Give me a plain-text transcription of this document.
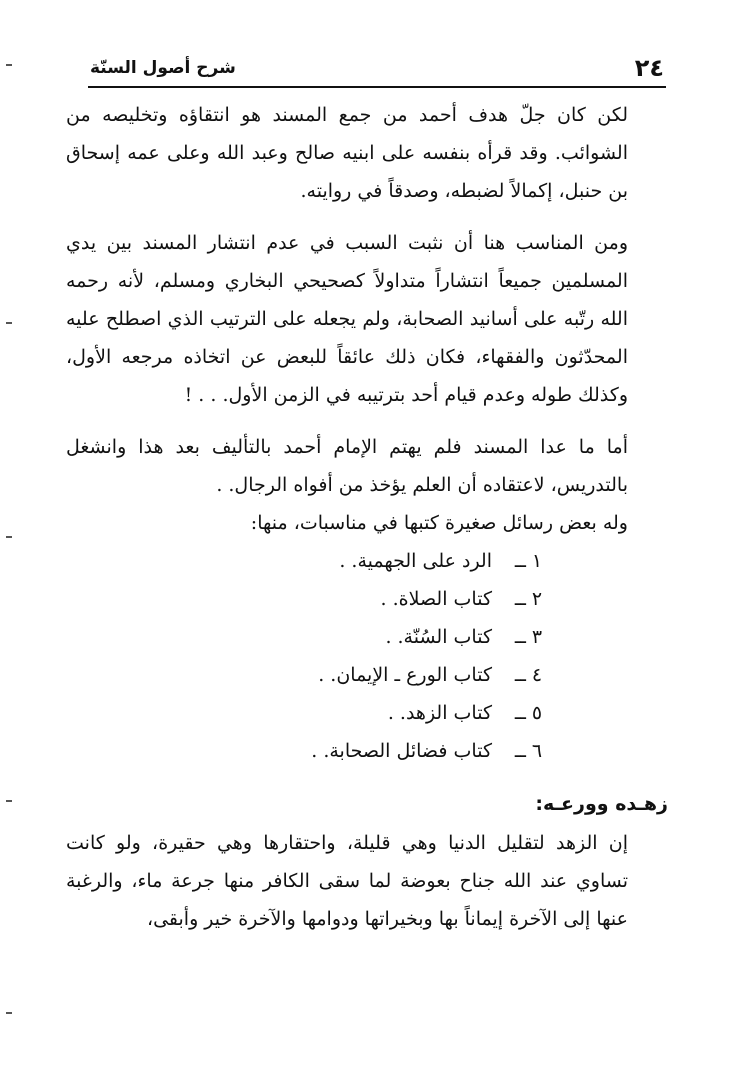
٢٤
شرح أصول السنّة

لكن كان جلّ هدف أحمد من جمع المسند هو انتقاؤه وتخليصه من الشوائب. وقد قرأه بنفسه على ابنيه صالح وعبد الله وعلى عمه إسحاق بن حنبل، إكمالاً لضبطه، وصدقاً في روايته.

ومن المناسب هنا أن نثبت السبب في عدم انتشار المسند بين يدي المسلمين جميعاً انتشاراً متداولاً كصحيحي البخاري ومسلم، لأنه رحمه الله رتّبه على أسانيد الصحابة، ولم يجعله على الترتيب الذي اصطلح عليه المحدّثون والفقهاء، فكان ذلك عائقاً للبعض عن اتخاذه مرجعه الأول، وكذلك طوله وعدم قيام أحد بترتيبه في الزمن الأول. . . !

أما ما عدا المسند فلم يهتم الإمام أحمد بالتأليف بعد هذا وانشغل بالتدريس، لاعتقاده أن العلم يؤخذ من أفواه الرجال. .

وله بعض رسائل صغيرة كتبها في مناسبات، منها:

١ــالرد على الجهمية. .
٢ــكتاب الصلاة. .
٣ــكتاب السُنّة. .
٤ــكتاب الورع ـ الإيمان. .
٥ــكتاب الزهد. .
٦ــكتاب فضائل الصحابة. .
زهـده وورعـه:

إن الزهد لتقليل الدنيا وهي قليلة، واحتقارها وهي حقيرة، ولو كانت تساوي عند الله جناح بعوضة لما سقى الكافر منها جرعة ماء، والرغبة عنها إلى الآخرة إيماناً بها وبخيراتها ودوامها والآخرة خير وأبقى،
